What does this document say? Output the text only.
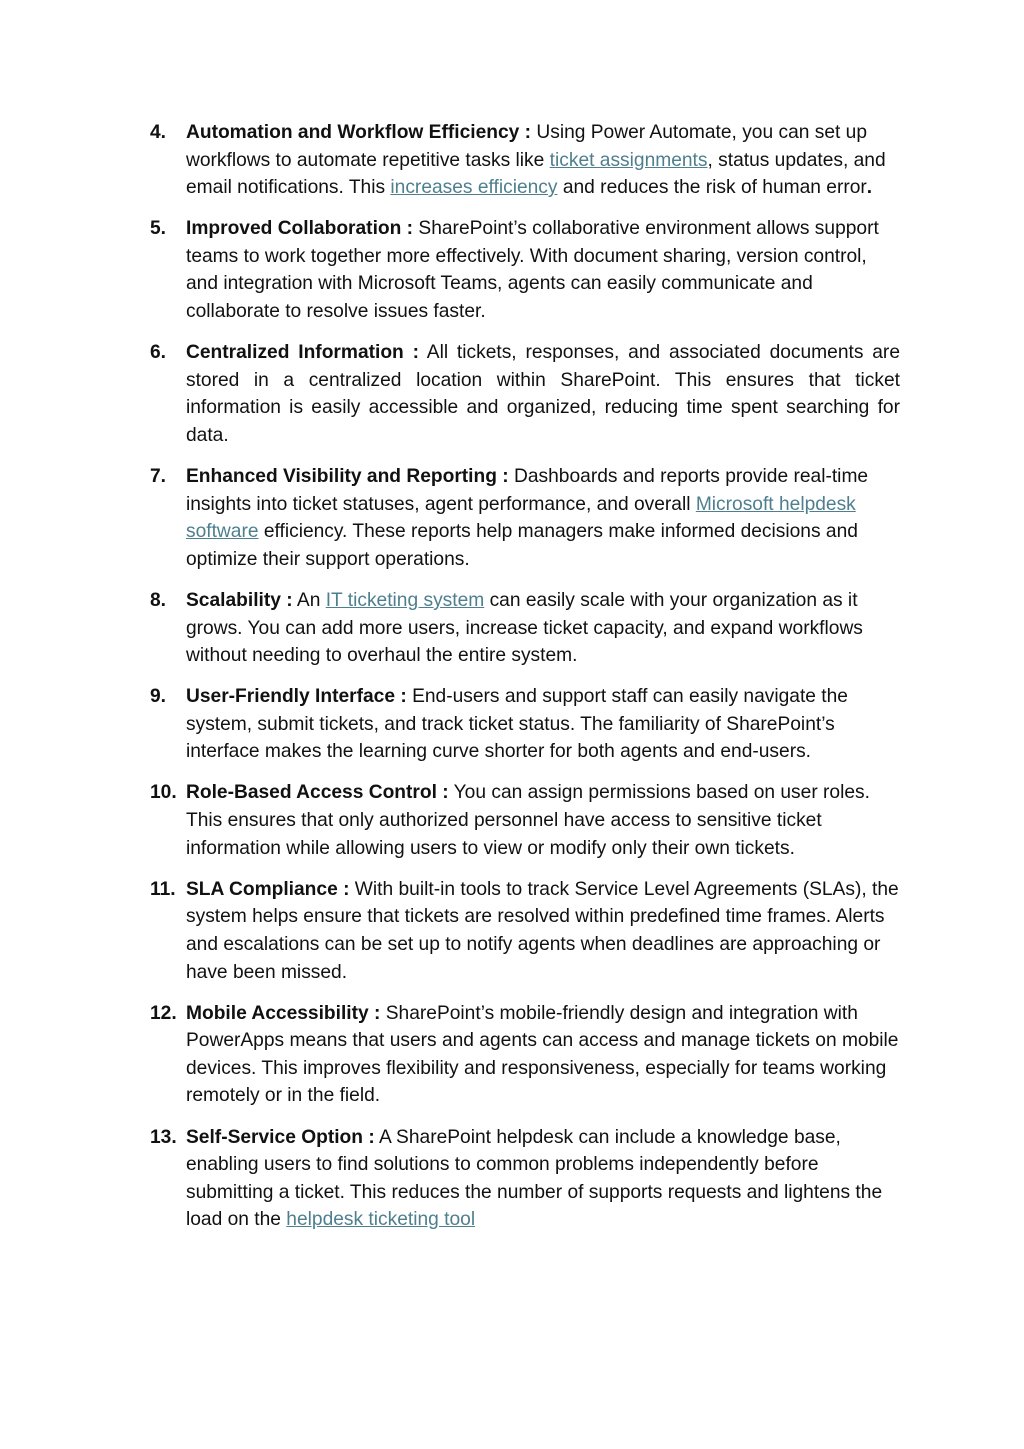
4.	Automation and Workflow Efficiency : Using Power Automate, you can set up workflows to automate repetitive tasks like ticket assignments, status updates, and email notifications. This increases efficiency and reduces the risk of human error.
5.	Improved Collaboration : SharePoint’s collaborative environment allows support teams to work together more effectively. With document sharing, version control, and integration with Microsoft Teams, agents can easily communicate and collaborate to resolve issues faster.
6.	Centralized Information : All tickets, responses, and associated documents are stored in a centralized location within SharePoint. This ensures that ticket information is easily accessible and organized, reducing time spent searching for data.
7.	Enhanced Visibility and Reporting : Dashboards and reports provide real-time insights into ticket statuses, agent performance, and overall Microsoft helpdesk software efficiency. These reports help managers make informed decisions and optimize their support operations.
8.	Scalability : An IT ticketing system can easily scale with your organization as it grows. You can add more users, increase ticket capacity, and expand workflows without needing to overhaul the entire system.
9.	User-Friendly Interface : End-users and support staff can easily navigate the system, submit tickets, and track ticket status. The familiarity of SharePoint’s interface makes the learning curve shorter for both agents and end-users.
10. Role-Based Access Control : You can assign permissions based on user roles. This ensures that only authorized personnel have access to sensitive ticket information while allowing users to view or modify only their own tickets.
11. SLA Compliance : With built-in tools to track Service Level Agreements (SLAs), the system helps ensure that tickets are resolved within predefined time frames. Alerts and escalations can be set up to notify agents when deadlines are approaching or have been missed.
12. Mobile Accessibility : SharePoint’s mobile-friendly design and integration with PowerApps means that users and agents can access and manage tickets on mobile devices. This improves flexibility and responsiveness, especially for teams working remotely or in the field.
13. Self-Service Option : A SharePoint helpdesk can include a knowledge base, enabling users to find solutions to common problems independently before submitting a ticket. This reduces the number of supports requests and lightens the load on the helpdesk ticketing tool
